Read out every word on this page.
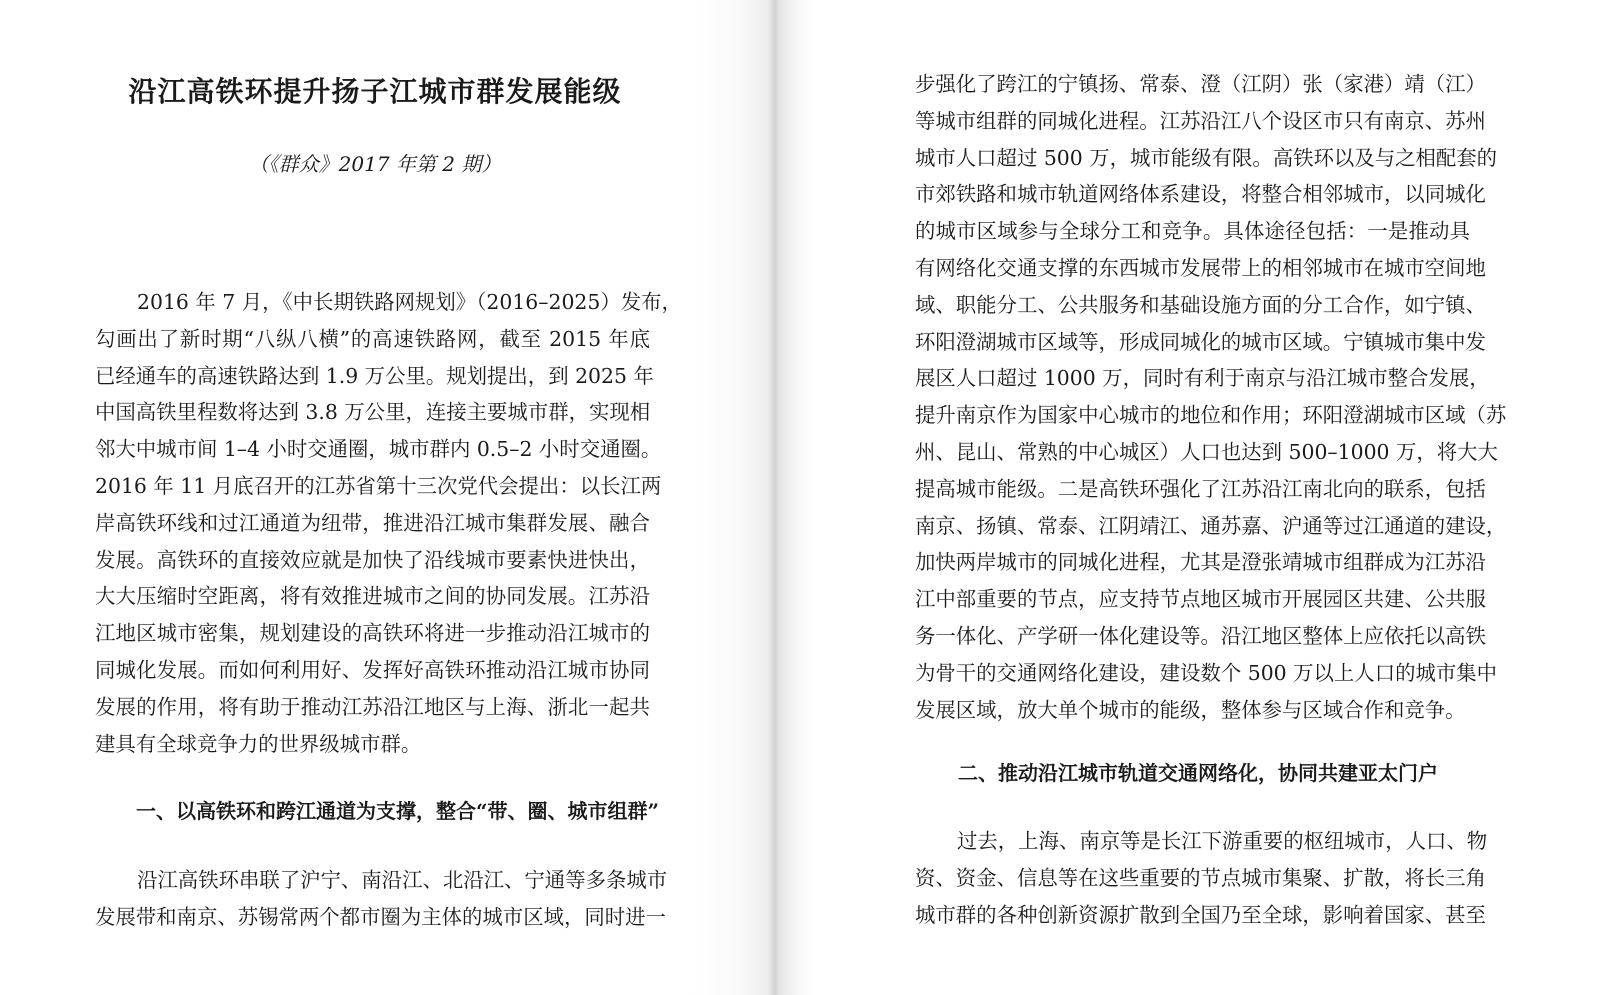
沿江高铁环提升扬子江城市群发展能级
（《群众》2017 年第 2 期）
2016 年 7 月，《中长期铁路网规划》（2016–2025）发布，
勾画出了新时期“八纵八横”的高速铁路网，截至 2015 年底
已经通车的高速铁路达到 1.9 万公里。规划提出，到 2025 年
中国高铁里程数将达到 3.8 万公里，连接主要城市群，实现相
邻大中城市间 1–4 小时交通圈，城市群内 0.5–2 小时交通圈。
2016 年 11 月底召开的江苏省第十三次党代会提出：以长江两
岸高铁环线和过江通道为纽带，推进沿江城市集群发展、融合
发展。高铁环的直接效应就是加快了沿线城市要素快进快出，
大大压缩时空距离，将有效推进城市之间的协同发展。江苏沿
江地区城市密集，规划建设的高铁环将进一步推动沿江城市的
同城化发展。而如何利用好、发挥好高铁环推动沿江城市协同
发展的作用，将有助于推动江苏沿江地区与上海、浙北一起共
建具有全球竞争力的世界级城市群。
一、以高铁环和跨江通道为支撑，整合“带、圈、城市组群”
沿江高铁环串联了沪宁、南沿江、北沿江、宁通等多条城市
发展带和南京、苏锡常两个都市圈为主体的城市区域，同时进一
步强化了跨江的宁镇扬、常泰、澄（江阴）张（家港）靖（江）
等城市组群的同城化进程。江苏沿江八个设区市只有南京、苏州
城市人口超过 500 万，城市能级有限。高铁环以及与之相配套的
市郊铁路和城市轨道网络体系建设，将整合相邻城市，以同城化
的城市区域参与全球分工和竞争。具体途径包括：一是推动具
有网络化交通支撑的东西城市发展带上的相邻城市在城市空间地
域、职能分工、公共服务和基础设施方面的分工合作，如宁镇、
环阳澄湖城市区域等，形成同城化的城市区域。宁镇城市集中发
展区人口超过 1000 万，同时有利于南京与沿江城市整合发展，
提升南京作为国家中心城市的地位和作用；环阳澄湖城市区域（苏
州、昆山、常熟的中心城区）人口也达到 500–1000 万，将大大
提高城市能级。二是高铁环强化了江苏沿江南北向的联系，包括
南京、扬镇、常泰、江阴靖江、通苏嘉、沪通等过江通道的建设，
加快两岸城市的同城化进程，尤其是澄张靖城市组群成为江苏沿
江中部重要的节点，应支持节点地区城市开展园区共建、公共服
务一体化、产学研一体化建设等。沿江地区整体上应依托以高铁
为骨干的交通网络化建设，建设数个 500 万以上人口的城市集中
发展区域，放大单个城市的能级，整体参与区域合作和竞争。
二、推动沿江城市轨道交通网络化，协同共建亚太门户
过去，上海、南京等是长江下游重要的枢纽城市，人口、物
资、资金、信息等在这些重要的节点城市集聚、扩散，将长三角
城市群的各种创新资源扩散到全国乃至全球，影响着国家、甚至
